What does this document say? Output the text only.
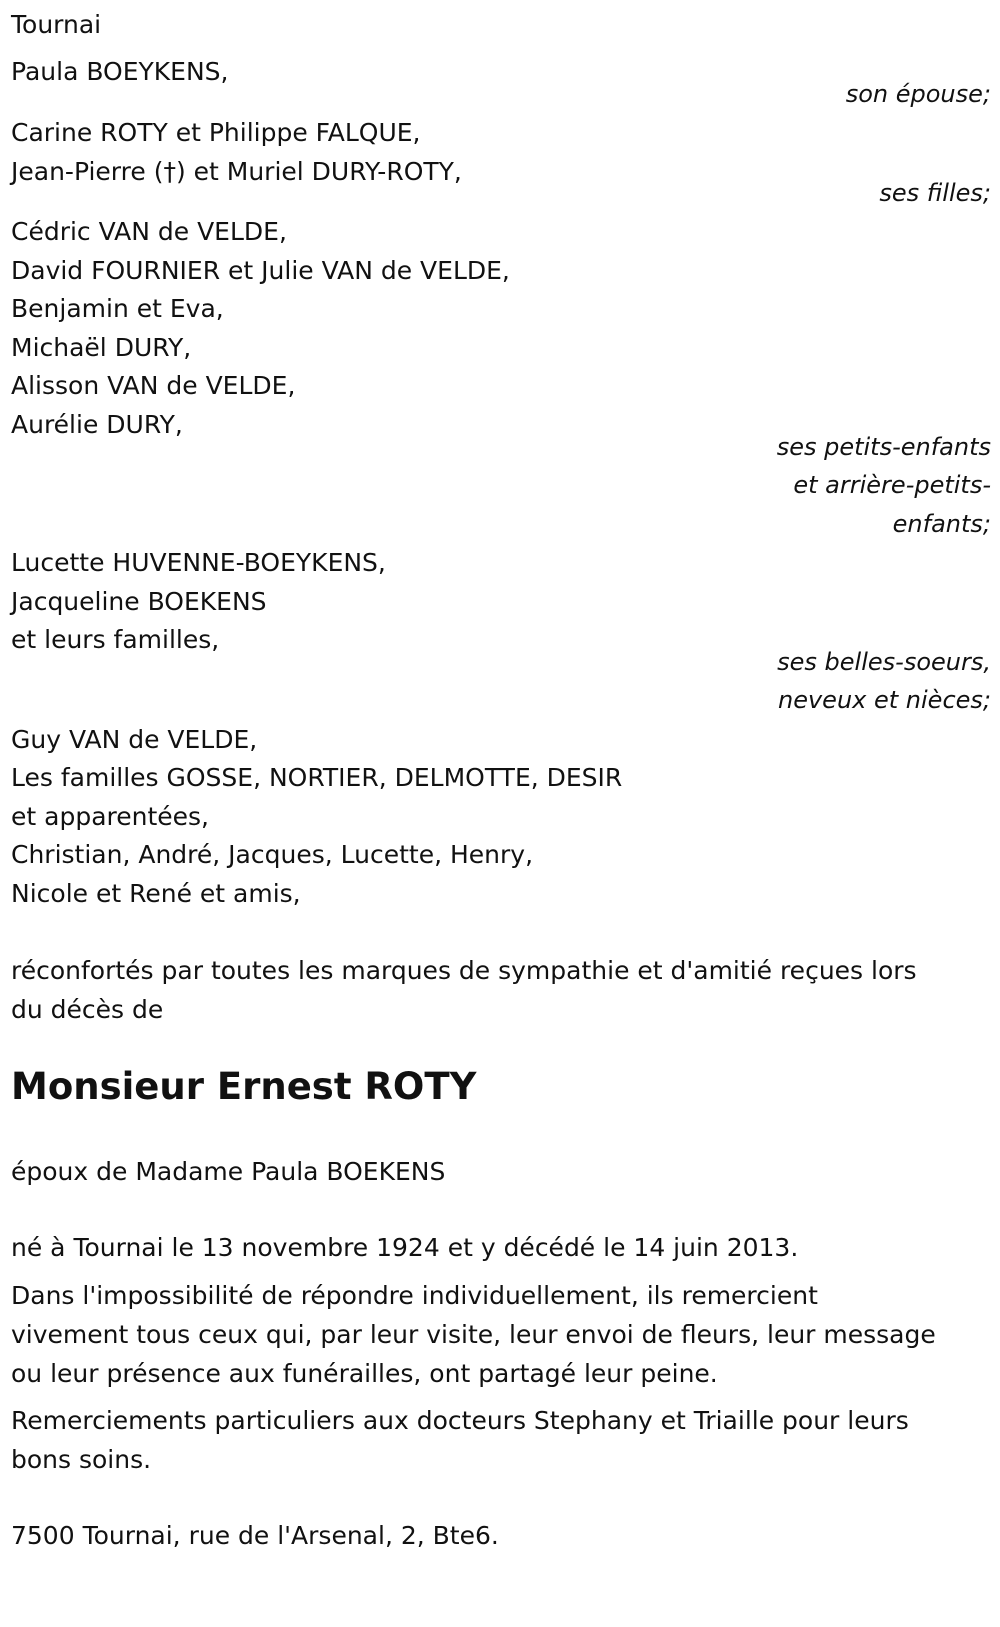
Tournai
Paula BOEYKENS,
son épouse;
Carine ROTY et Philippe FALQUE,
Jean-Pierre (†) et Muriel DURY-ROTY,
ses filles;
Cédric VAN de VELDE,
David FOURNIER et Julie VAN de VELDE,
Benjamin et Eva,
Michaël DURY,
Alisson VAN de VELDE,
Aurélie DURY,
ses petits-enfants
et arrière-petits-
enfants;
Lucette HUVENNE-BOEYKENS,
Jacqueline BOEKENS
et leurs familles,
ses belles-soeurs,
neveux et nièces;
Guy VAN de VELDE,
Les familles GOSSE, NORTIER, DELMOTTE, DESIR
et apparentées,
Christian, André, Jacques, Lucette, Henry,
Nicole et René et amis,
réconfortés par toutes les marques de sympathie et d'amitié reçues lors
du décès de
Monsieur Ernest ROTY
époux de Madame Paula BOEKENS
né à Tournai le 13 novembre 1924 et y décédé le 14 juin 2013.
Dans l'impossibilité de répondre individuellement, ils remercient
vivement tous ceux qui, par leur visite, leur envoi de fleurs, leur message
ou leur présence aux funérailles, ont partagé leur peine.
Remerciements particuliers aux docteurs Stephany et Triaille pour leurs
bons soins.
7500 Tournai, rue de l'Arsenal, 2, Bte6.
